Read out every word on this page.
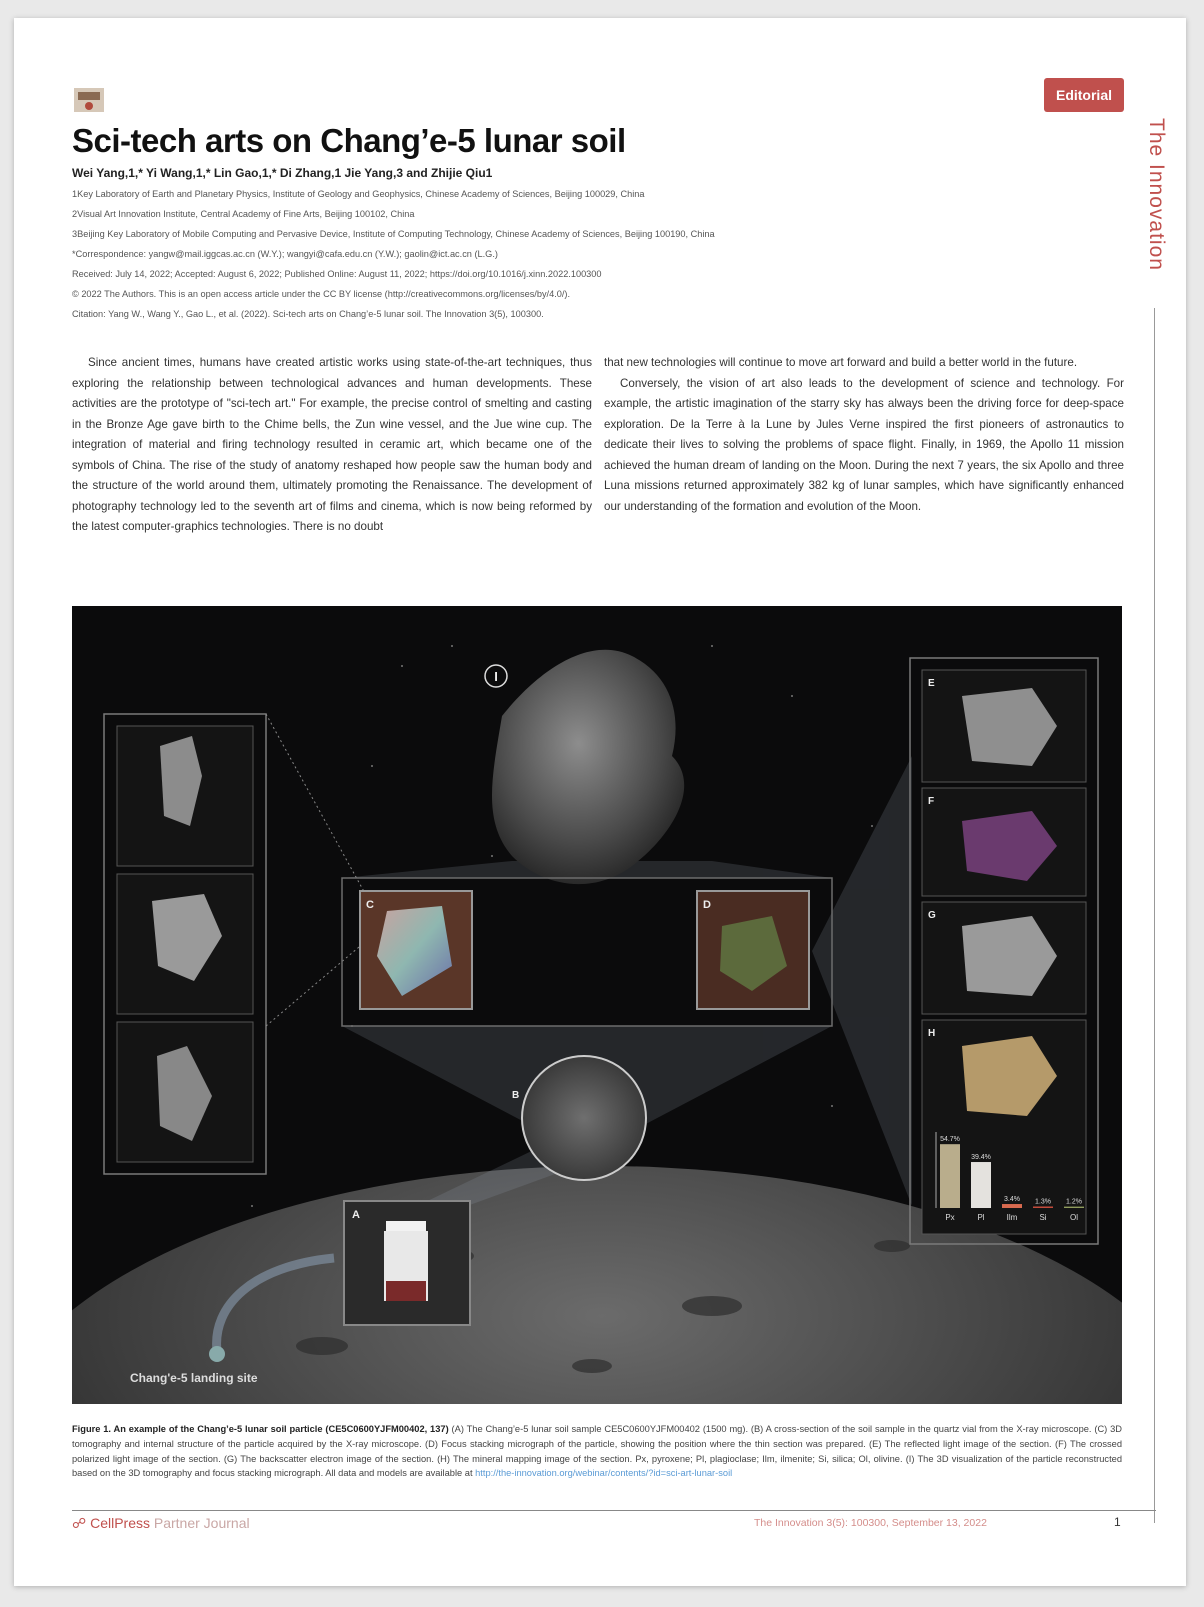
Editorial
The Innovation
Sci-tech arts on Chang’e-5 lunar soil
Wei Yang,1,* Yi Wang,1,* Lin Gao,1,* Di Zhang,1 Jie Yang,3 and Zhijie Qiu1
1Key Laboratory of Earth and Planetary Physics, Institute of Geology and Geophysics, Chinese Academy of Sciences, Beijing 100029, China
2Visual Art Innovation Institute, Central Academy of Fine Arts, Beijing 100102, China
3Beijing Key Laboratory of Mobile Computing and Pervasive Device, Institute of Computing Technology, Chinese Academy of Sciences, Beijing 100190, China
*Correspondence: yangw@mail.iggcas.ac.cn (W.Y.); wangyi@cafa.edu.cn (Y.W.); gaolin@ict.ac.cn (L.G.)
Received: July 14, 2022; Accepted: August 6, 2022; Published Online: August 11, 2022; https://doi.org/10.1016/j.xinn.2022.100300
© 2022 The Authors. This is an open access article under the CC BY license (http://creativecommons.org/licenses/by/4.0/).
Citation: Yang W., Wang Y., Gao L., et al. (2022). Sci-tech arts on Chang’e-5 lunar soil. The Innovation 3(5), 100300.

Since ancient times, humans have created artistic works using state-of-the-art techniques, thus exploring the relationship between technological advances and human developments. These activities are the prototype of "sci-tech art." For example, the precise control of smelting and casting in the Bronze Age gave birth to the Chime bells, the Zun wine vessel, and the Jue wine cup. The integration of material and firing technology resulted in ceramic art, which became one of the symbols of China. The rise of the study of anatomy reshaped how people saw the human body and the structure of the world around them, ultimately promoting the Renaissance. The development of photography technology led to the seventh art of films and cinema, which is now being reformed by the latest computer-graphics technologies. There is no doubt

that new technologies will continue to move art forward and build a better world in the future.

Conversely, the vision of art also leads to the development of science and technology. For example, the artistic imagination of the starry sky has always been the driving force for deep-space exploration. De la Terre à la Lune by Jules Verne inspired the first pioneers of astronautics to dedicate their lives to solving the problems of space flight. Finally, in 1969, the Apollo 11 mission achieved the human dream of landing on the Moon. During the next 7 years, the six Apollo and three Luna missions returned approximately 382 kg of lunar samples, which have significantly enhanced our understanding of the formation and evolution of the Moon.

I
C	D
B
A
Chang'e-5 landing site
E
F
G
H
54.7%
Px
39.4%
Pl
3.4%
Ilm
1.3%
Si
1.2%
Ol
Figure 1. An example of the Chang’e-5 lunar soil particle (CE5C0600YJFM00402, 137) (A) The Chang’e-5 lunar soil sample CE5C0600YJFM00402 (1500 mg). (B) A cross-section of the soil sample in the quartz vial from the X-ray microscope. (C) 3D tomography and internal structure of the particle acquired by the X-ray microscope. (D) Focus stacking micrograph of the particle, showing the position where the thin section was prepared. (E) The reflected light image of the section. (F) The crossed polarized light image of the section. (G) The backscatter electron image of the section. (H) The mineral mapping image of the section. Px, pyroxene; Pl, plagioclase; Ilm, ilmenite; Si, silica; Ol, olivine. (I) The 3D visualization of the particle reconstructed based on the 3D tomography and focus stacking micrograph. All data and models are available at http://the-innovation.org/webinar/contents/?id=sci-art-lunar-soil
☍ CellPress Partner Journal	The Innovation 3(5): 100300, September 13, 2022	1
